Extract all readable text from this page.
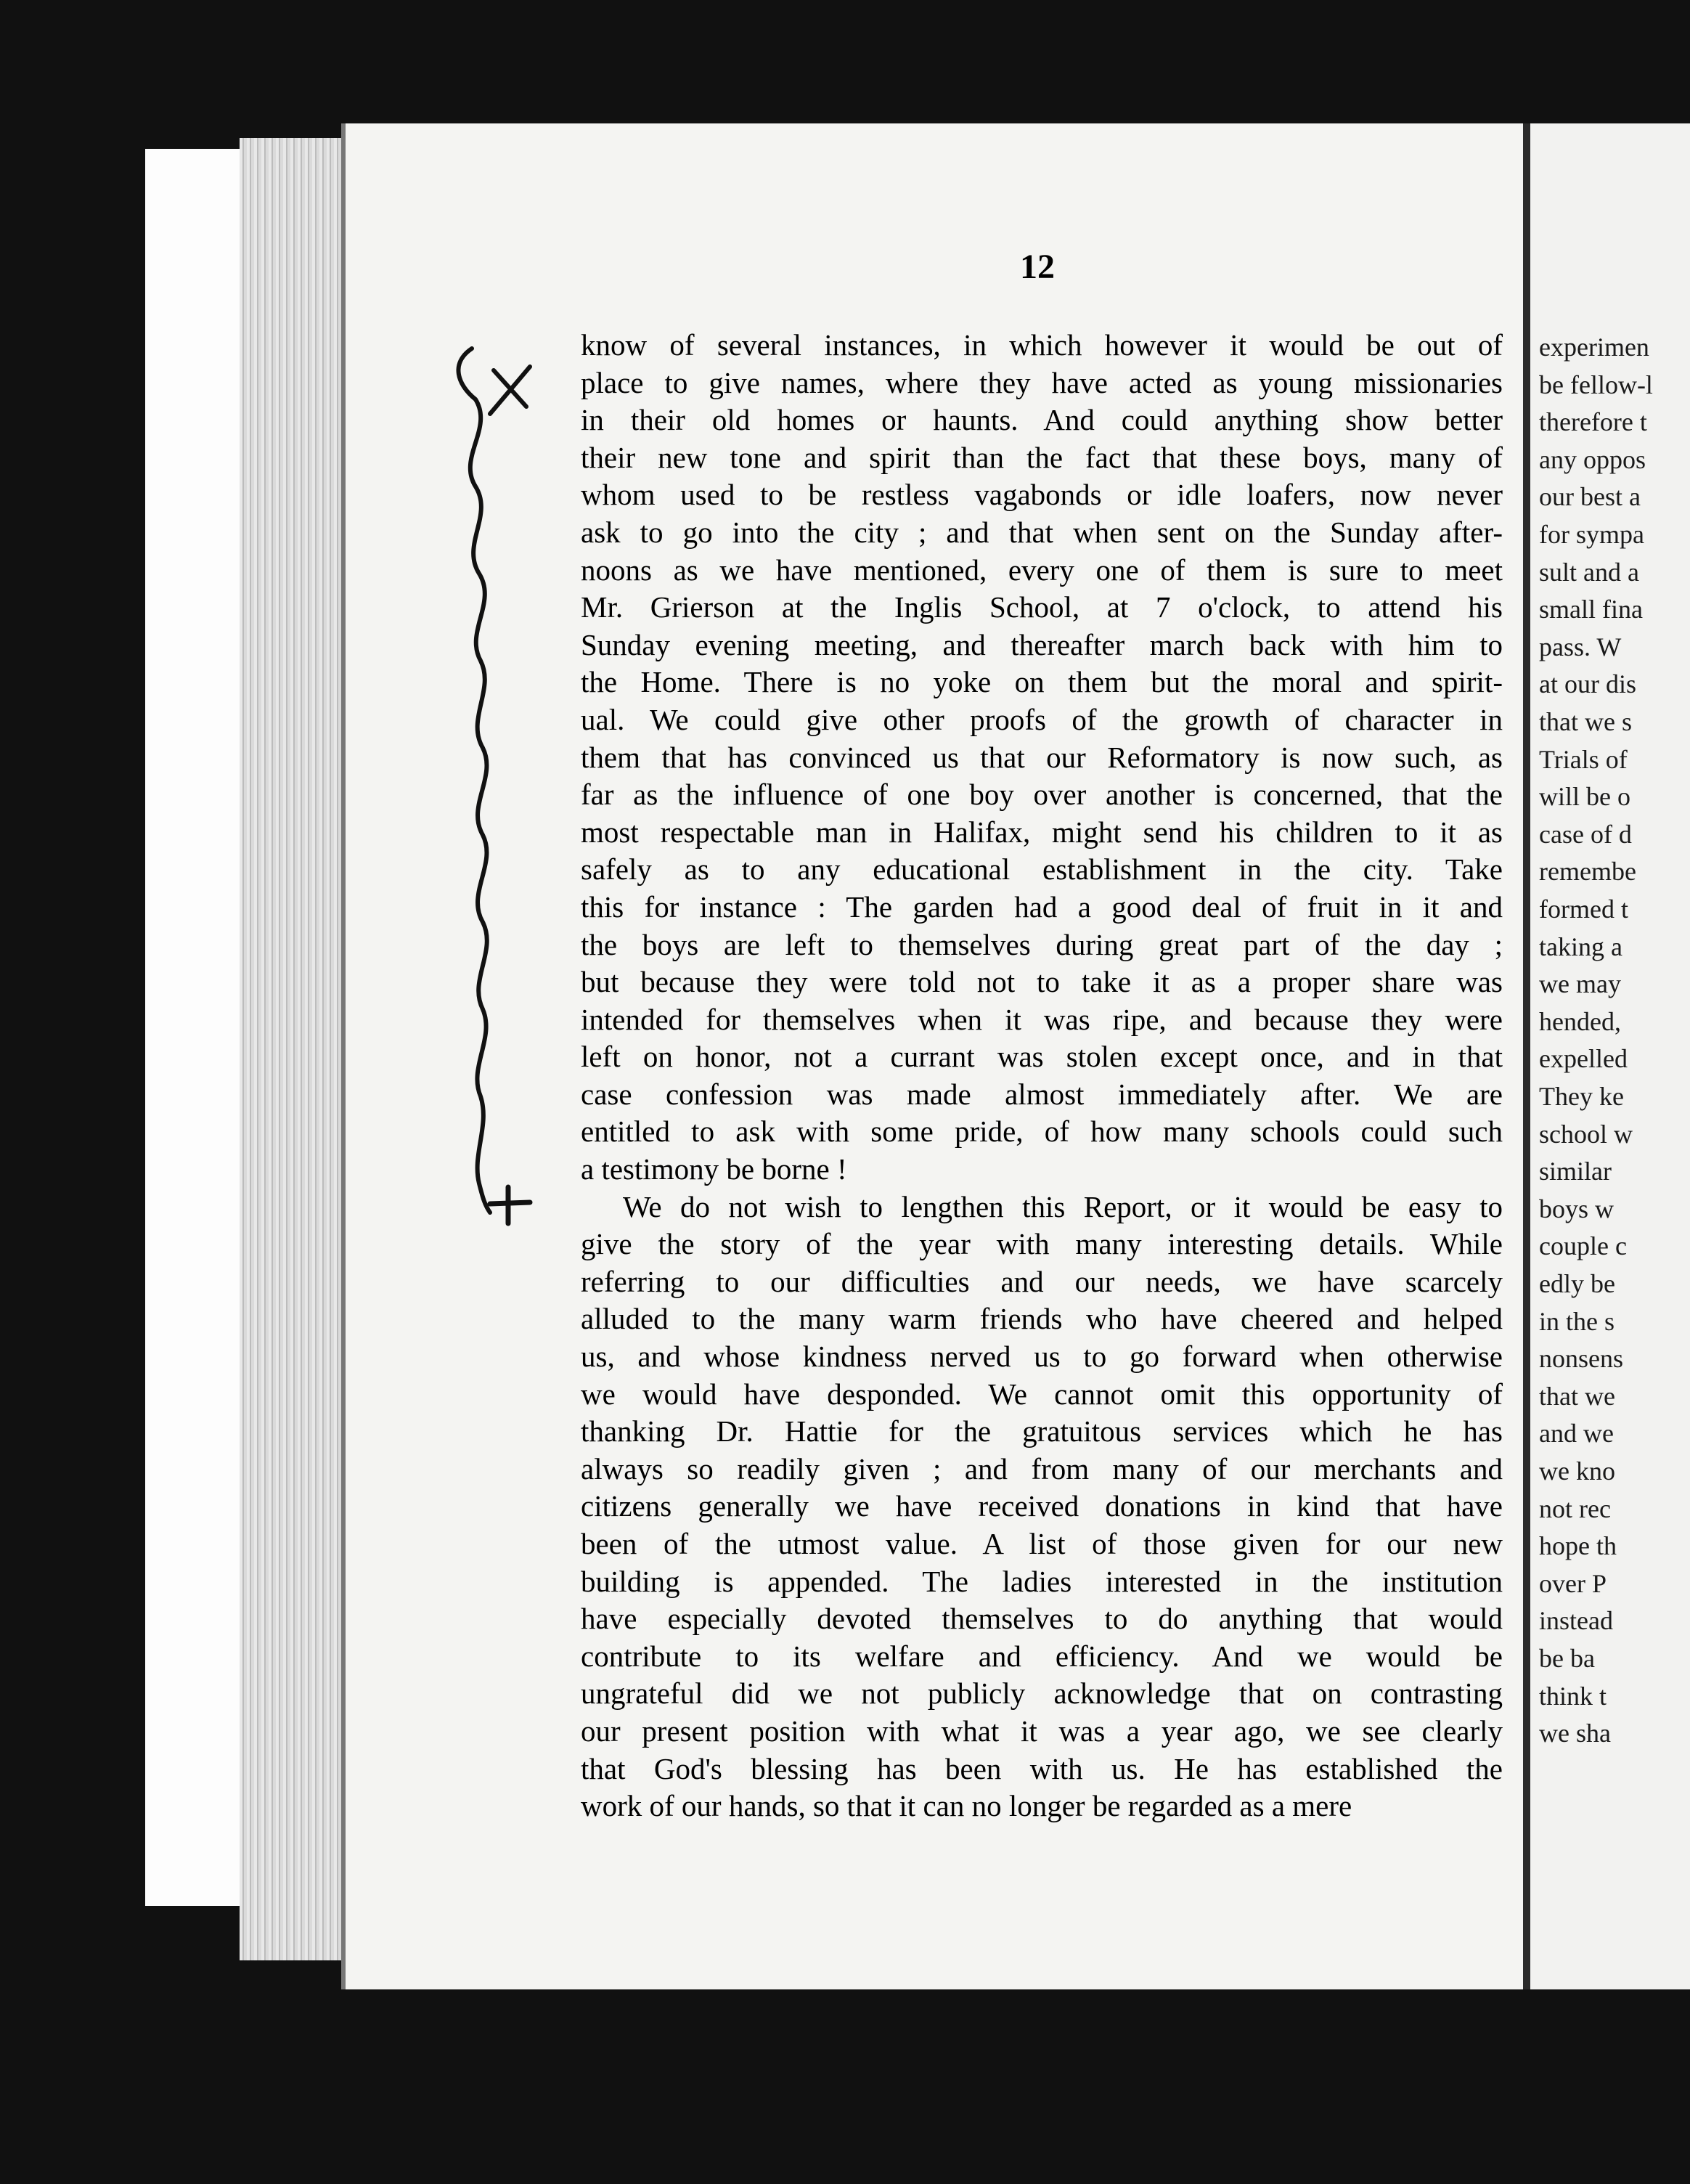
12
know of several instances, in which however it would be out of
place to give names, where they have acted as young missionaries
in their old homes or haunts. And could anything show better
their new tone and spirit than the fact that these boys, many of
whom used to be restless vagabonds or idle loafers, now never
ask to go into the city ; and that when sent on the Sunday after-
noons as we have mentioned, every one of them is sure to meet
Mr. Grierson at the Inglis School, at 7 o'clock, to attend his
Sunday evening meeting, and thereafter march back with him to
the Home. There is no yoke on them but the moral and spirit-
ual. We could give other proofs of the growth of character in
them that has convinced us that our Reformatory is now such, as
far as the influence of one boy over another is concerned, that the
most respectable man in Halifax, might send his children to it as
safely as to any educational establishment in the city. Take
this for instance : The garden had a good deal of fruit in it and
the boys are left to themselves during great part of the day ;
but because they were told not to take it as a proper share was
intended for themselves when it was ripe, and because they were
left on honor, not a currant was stolen except once, and in that
case confession was made almost immediately after. We are
entitled to ask with some pride, of how many schools could such
a testimony be borne !
We do not wish to lengthen this Report, or it would be easy to
give the story of the year with many interesting details. While
referring to our difficulties and our needs, we have scarcely
alluded to the many warm friends who have cheered and helped
us, and whose kindness nerved us to go forward when otherwise
we would have desponded. We cannot omit this opportunity of
thanking Dr. Hattie for the gratuitous services which he has
always so readily given ; and from many of our merchants and
citizens generally we have received donations in kind that have
been of the utmost value. A list of those given for our new
building is appended. The ladies interested in the institution
have especially devoted themselves to do anything that would
contribute to its welfare and efficiency. And we would be
ungrateful did we not publicly acknowledge that on contrasting
our present position with what it was a year ago, we see clearly
that God's blessing has been with us. He has established the
work of our hands, so that it can no longer be regarded as a mere
experimen
be fellow-l
therefore t
any oppos
our best a
for sympa
sult and a
small fina
pass. W
at our dis
that we s
Trials of
will be o
case of d
remembe
formed t
taking a
we may
hended,
expelled
They ke
school w
similar
boys w
couple c
edly be
in the s
nonsens
that we
and we
we kno
not rec
hope th
over P
instead
be ba
think t
we sha
